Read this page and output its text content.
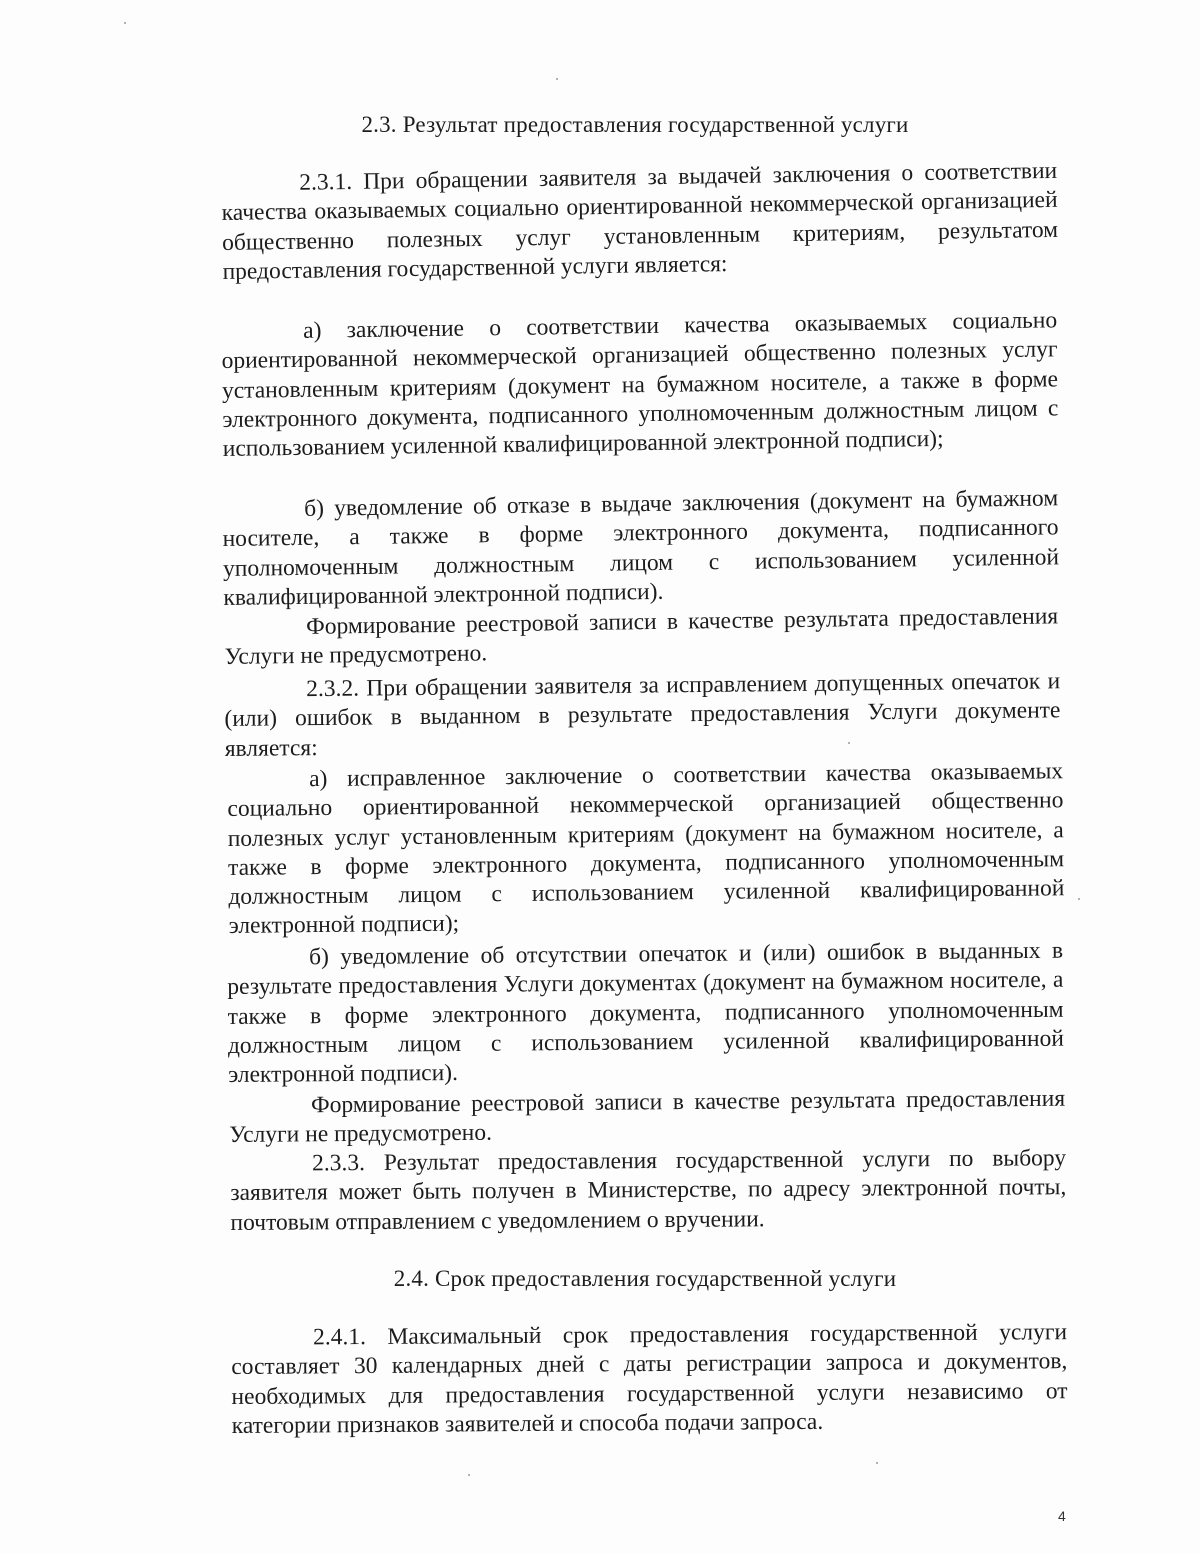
2.3. Результат предоставления государственной услуги

2.3.1. При обращении заявителя за выдачей заключения о соответствии качества оказываемых социально ориентированной некоммерческой организацией общественно полезных услуг установленным критериям, результатом предоставления государственной услуги является:

а) заключение о соответствии качества оказываемых социально ориентированной некоммерческой организацией общественно полезных услуг установленным критериям (документ на бумажном носителе, а также в форме электронного документа, подписанного уполномоченным должностным лицом с использованием усиленной квалифицированной электронной подписи);

б) уведомление об отказе в выдаче заключения (документ на бумажном носителе, а также в форме электронного документа, подписанного уполномоченным должностным лицом с использованием усиленной квалифицированной электронной подписи).

Формирование реестровой записи в качестве результата предоставления Услуги не предусмотрено.

2.3.2. При обращении заявителя за исправлением допущенных опечаток и (или) ошибок в выданном в результате предоставления Услуги документе является:

а) исправленное заключение о соответствии качества оказываемых социально ориентированной некоммерческой организацией общественно полезных услуг установленным критериям (документ на бумажном носителе, а также в форме электронного документа, подписанного уполномоченным должностным лицом с использованием усиленной квалифицированной электронной подписи);

б) уведомление об отсутствии опечаток и (или) ошибок в выданных в результате предоставления Услуги документах (документ на бумажном носителе, а также в форме электронного документа, подписанного уполномоченным должностным лицом с использованием усиленной квалифицированной электронной подписи).

Формирование реестровой записи в качестве результата предоставления Услуги не предусмотрено.

2.3.3. Результат предоставления государственной услуги по выбору заявителя может быть получен в Министерстве, по адресу электронной почты, почтовым отправлением с уведомлением о вручении.

2.4. Срок предоставления государственной услуги

2.4.1. Максимальный срок предоставления государственной услуги составляет 30 календарных дней с даты регистрации запроса и документов, необходимых для предоставления государственной услуги независимо от категории признаков заявителей и способа подачи запроса.

4
